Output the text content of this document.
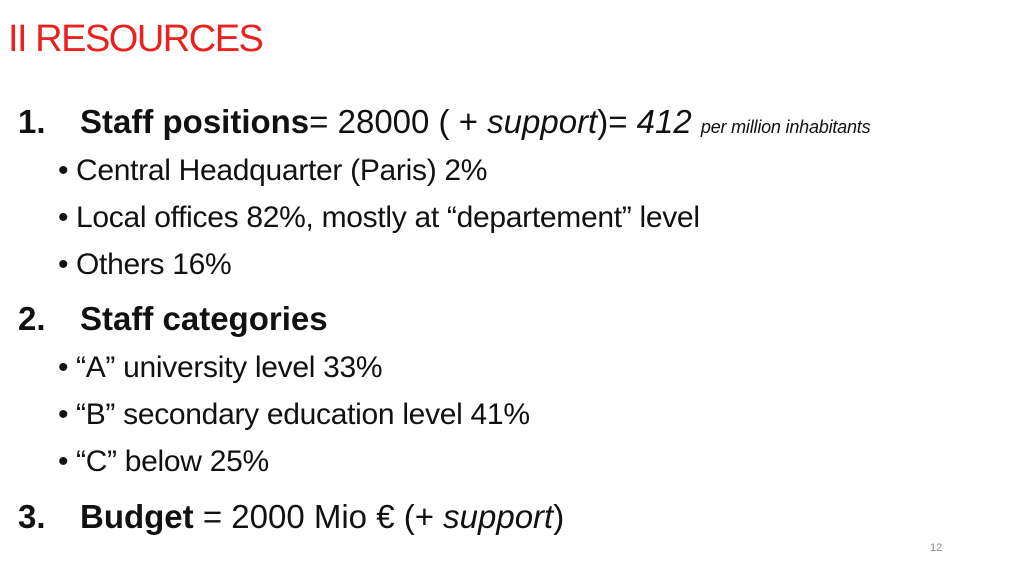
II RESOURCES
1. Staff positions= 28000 ( + support)= 412 per million inhabitants
• Central Headquarter (Paris) 2%
• Local offices 82%, mostly at “departement” level
• Others 16%
2. Staff categories
• “A” university level 33%
• “B” secondary education level 41%
• “C” below 25%
3. Budget = 2000 Mio € (+ support)
12
